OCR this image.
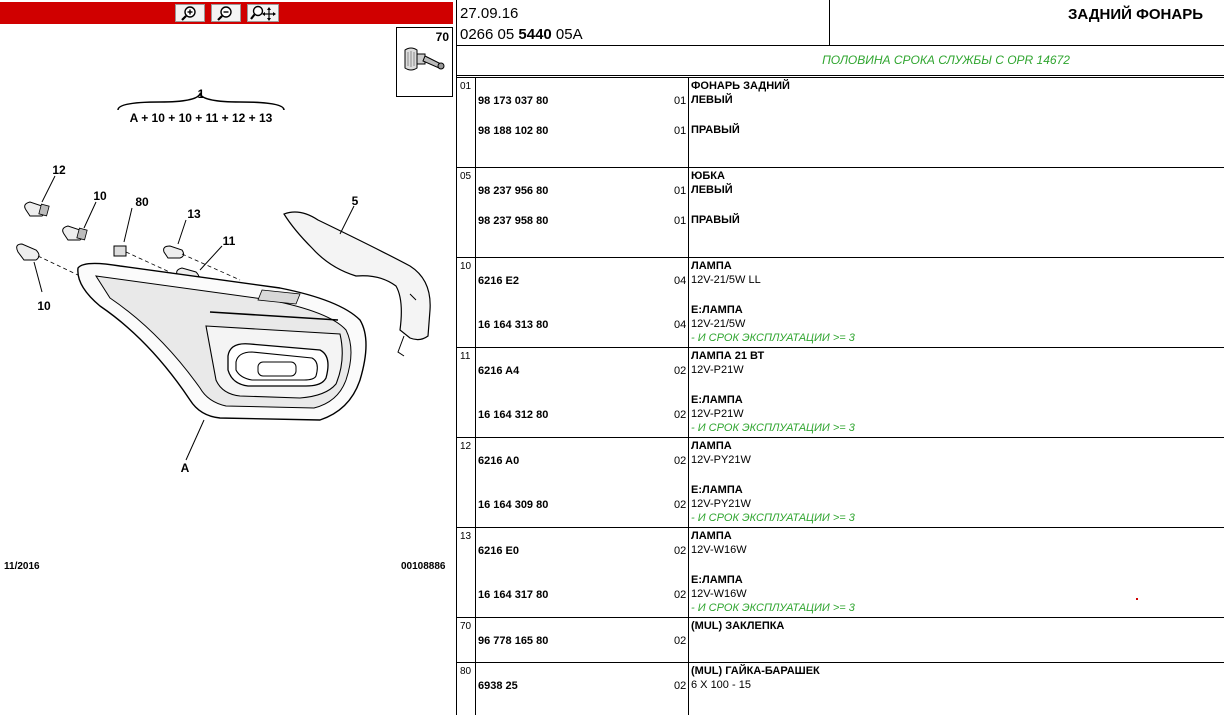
70
1
A + 10 + 10 + 11 + 12 + 13
12
10 80
13
11
5
10
A
11/2016	00108886
27.09.16
0266 05 5440 05A
ЗАДНИЙ ФОНАРЬ
ПОЛОВИНА СРОКА СЛУЖБЫ С OPR 14672
01	ФОНАРЬ ЗАДНИЙ
98 173 037 80	01 ЛЕВЫЙ
98 188 102 80	01 ПРАВЫЙ
05	ЮБКА
98 237 956 80	01 ЛЕВЫЙ
98 237 958 80	01 ПРАВЫЙ
10	ЛАМПА
6216 E2	04 12V-21/5W LL
E:ЛАМПА
16 164 313 80	04 12V-21/5W
- И СРОК ЭКСПЛУАТАЦИИ >= 3
11	ЛАМПА 21 ВТ
6216 A4	02 12V-P21W
E:ЛАМПА
16 164 312 80	02 12V-P21W
- И СРОК ЭКСПЛУАТАЦИИ >= 3
12	ЛАМПА
6216 A0	02 12V-PY21W
E:ЛАМПА
16 164 309 80	02 12V-PY21W
- И СРОК ЭКСПЛУАТАЦИИ >= 3
13	ЛАМПА
6216 E0	02 12V-W16W
E:ЛАМПА
16 164 317 80	02 12V-W16W
- И СРОК ЭКСПЛУАТАЦИИ >= 3
70	(MUL) ЗАКЛЕПКА
96 778 165 80	02
80	(MUL) ГАЙКА-БАРАШЕК
6938 25	02 6 X 100 - 15
